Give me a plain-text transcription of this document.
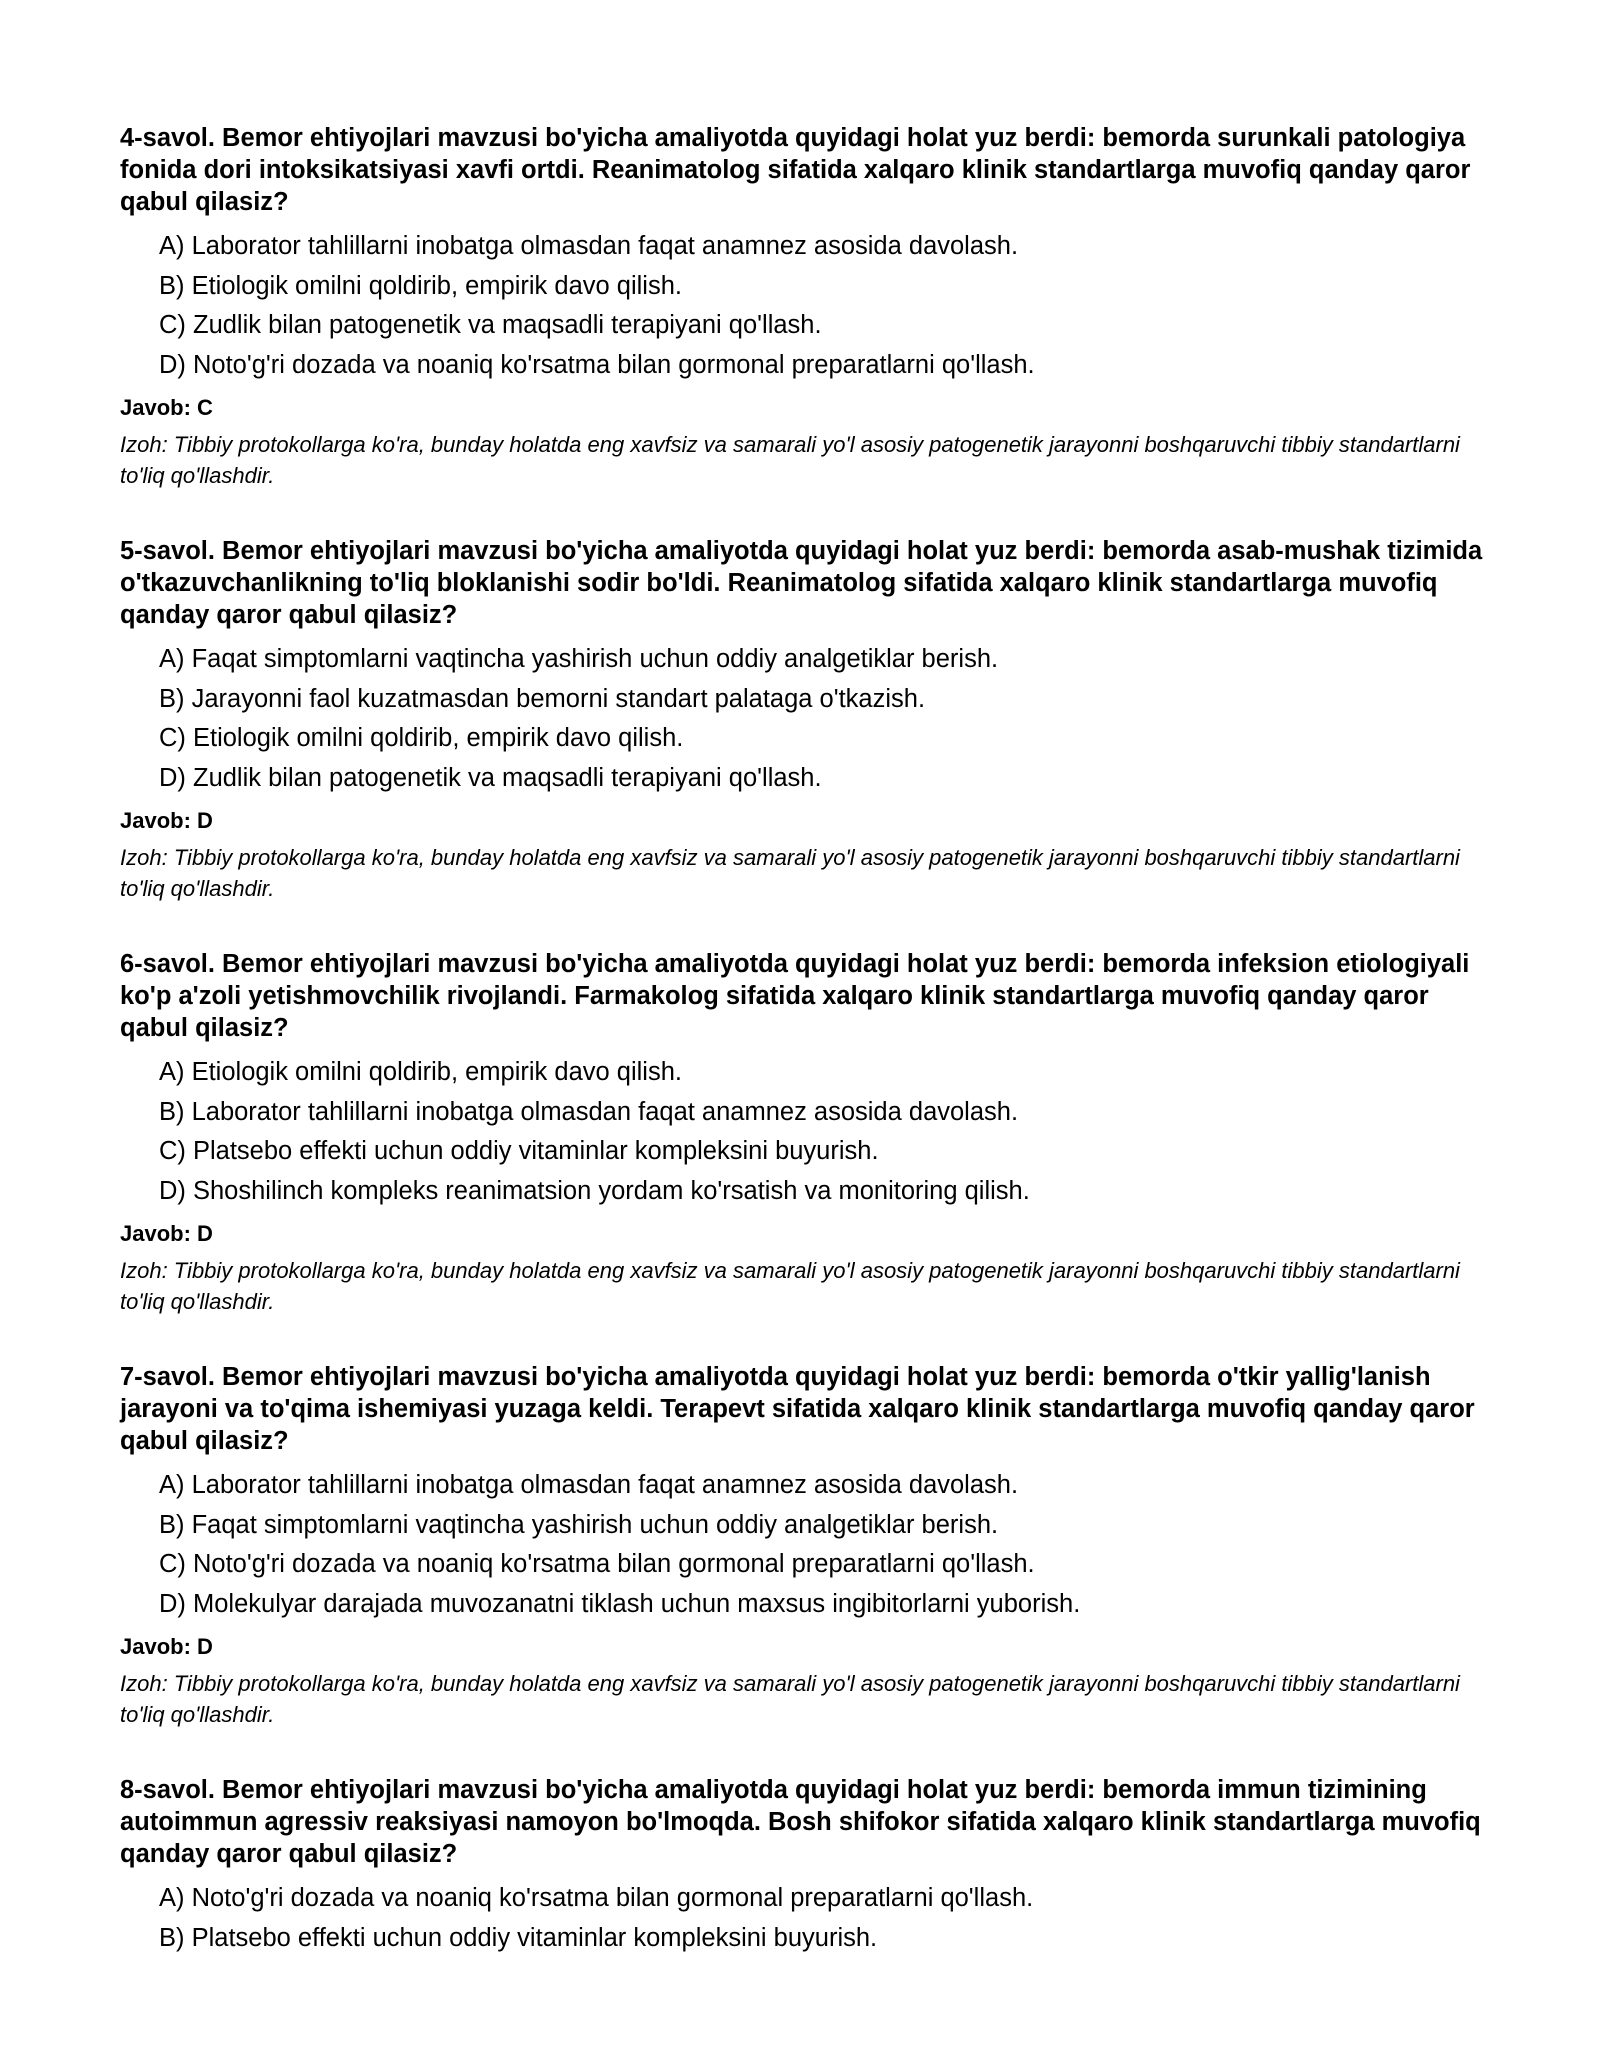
4-savol. Bemor ehtiyojlari mavzusi bo'yicha amaliyotda quyidagi holat yuz berdi: bemorda surunkali patologiya fonida dori intoksikatsiyasi xavfi ortdi. Reanimatolog sifatida xalqaro klinik standartlarga muvofiq qanday qaror qabul qilasiz?

A) Laborator tahlillarni inobatga olmasdan faqat anamnez asosida davolash.
B) Etiologik omilni qoldirib, empirik davo qilish.
C) Zudlik bilan patogenetik va maqsadli terapiyani qo'llash.
D) Noto'g'ri dozada va noaniq ko'rsatma bilan gormonal preparatlarni qo'llash.

Javob: C

Izoh: Tibbiy protokollarga ko'ra, bunday holatda eng xavfsiz va samarali yo'l asosiy patogenetik jarayonni boshqaruvchi tibbiy standartlarni to'liq qo'llashdir.

5-savol. Bemor ehtiyojlari mavzusi bo'yicha amaliyotda quyidagi holat yuz berdi: bemorda asab-mushak tizimida o'tkazuvchanlikning to'liq bloklanishi sodir bo'ldi. Reanimatolog sifatida xalqaro klinik standartlarga muvofiq qanday qaror qabul qilasiz?

A) Faqat simptomlarni vaqtincha yashirish uchun oddiy analgetiklar berish.
B) Jarayonni faol kuzatmasdan bemorni standart palataga o'tkazish.
C) Etiologik omilni qoldirib, empirik davo qilish.
D) Zudlik bilan patogenetik va maqsadli terapiyani qo'llash.

Javob: D

Izoh: Tibbiy protokollarga ko'ra, bunday holatda eng xavfsiz va samarali yo'l asosiy patogenetik jarayonni boshqaruvchi tibbiy standartlarni to'liq qo'llashdir.

6-savol. Bemor ehtiyojlari mavzusi bo'yicha amaliyotda quyidagi holat yuz berdi: bemorda infeksion etiologiyali ko'p a'zoli yetishmovchilik rivojlandi. Farmakolog sifatida xalqaro klinik standartlarga muvofiq qanday qaror qabul qilasiz?

A) Etiologik omilni qoldirib, empirik davo qilish.
B) Laborator tahlillarni inobatga olmasdan faqat anamnez asosida davolash.
C) Platsebo effekti uchun oddiy vitaminlar kompleksini buyurish.
D) Shoshilinch kompleks reanimatsion yordam ko'rsatish va monitoring qilish.

Javob: D

Izoh: Tibbiy protokollarga ko'ra, bunday holatda eng xavfsiz va samarali yo'l asosiy patogenetik jarayonni boshqaruvchi tibbiy standartlarni to'liq qo'llashdir.

7-savol. Bemor ehtiyojlari mavzusi bo'yicha amaliyotda quyidagi holat yuz berdi: bemorda o'tkir yallig'lanish jarayoni va to'qima ishemiyasi yuzaga keldi. Terapevt sifatida xalqaro klinik standartlarga muvofiq qanday qaror qabul qilasiz?

A) Laborator tahlillarni inobatga olmasdan faqat anamnez asosida davolash.
B) Faqat simptomlarni vaqtincha yashirish uchun oddiy analgetiklar berish.
C) Noto'g'ri dozada va noaniq ko'rsatma bilan gormonal preparatlarni qo'llash.
D) Molekulyar darajada muvozanatni tiklash uchun maxsus ingibitorlarni yuborish.

Javob: D

Izoh: Tibbiy protokollarga ko'ra, bunday holatda eng xavfsiz va samarali yo'l asosiy patogenetik jarayonni boshqaruvchi tibbiy standartlarni to'liq qo'llashdir.

8-savol. Bemor ehtiyojlari mavzusi bo'yicha amaliyotda quyidagi holat yuz berdi: bemorda immun tizimining autoimmun agressiv reaksiyasi namoyon bo'lmoqda. Bosh shifokor sifatida xalqaro klinik standartlarga muvofiq qanday qaror qabul qilasiz?

A) Noto'g'ri dozada va noaniq ko'rsatma bilan gormonal preparatlarni qo'llash.
B) Platsebo effekti uchun oddiy vitaminlar kompleksini buyurish.
